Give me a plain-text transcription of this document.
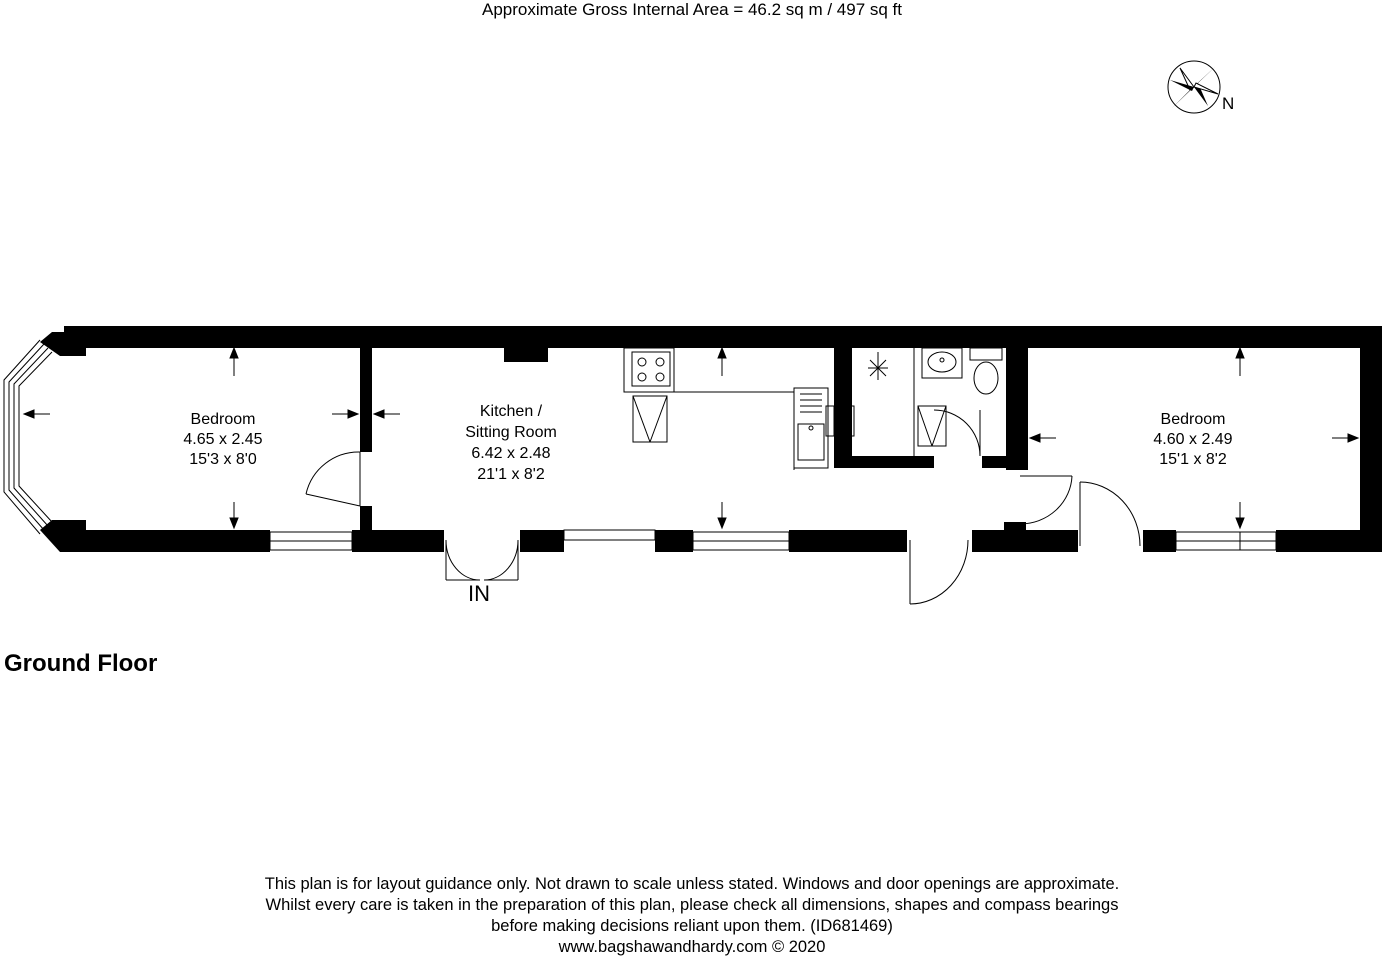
Approximate Gross Internal Area = 46.2 sq m / 497 sq ft
N
Bedroom
4.65 x 2.45
15'3 x 8'0
Kitchen /
Sitting Room
6.42 x 2.48
21'1 x 8'2
Bedroom
4.60 x 2.49
15'1 x 8'2
IN
Ground Floor
This plan is for layout guidance only. Not drawn to scale unless stated. Windows and door openings are approximate.
Whilst every care is taken in the preparation of this plan, please check all dimensions, shapes and compass bearings
before making decisions reliant upon them. (ID681469)
www.bagshawandhardy.com © 2020
